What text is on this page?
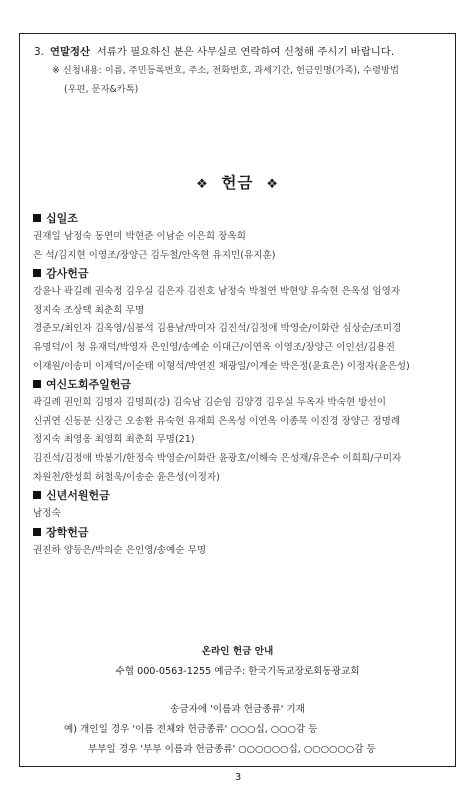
3. 연말정산 서류가 필요하신 분은 사무실로 연락하여 신청해 주시기 바랍니다.
※ 신청내용: 이름, 주민등록번호, 주소, 전화번호, 과세기간, 헌금인명(가족), 수령방법
(우편, 문자&카톡)
❖ 헌금 ❖
십일조
권재일 남정숙 동연미 박현준 이남순 이은희 장옥희
은 석/김지현 이영조/장양근 김두철/안옥현 유지민(유지훈)
감사헌금
강윤나 곽길례 권숙정 김우실 김은자 김진호 남정숙 박철연 박현양 유숙현 은옥성 임영자
정지숙 조상택 최춘희 무명
경준모/최인자 김옥영/심봉석 김용남/박미자 김진석/김정애 박영순/이화란 심상순/조미경
유명덕/이 청 유재덕/박영자 은인영/송예순 이대근/이연옥 이영조/장양근 이인선/김용진
이재원/이송미 이제덕/이순태 이형석/박연진 채광일/이계순 박은정(윤효은) 이정자(윤은성)
여신도회주일헌금
곽길례 권인희 김명자 김명희(강) 김숙남 김순임 김양경 김우실 두옥자 박숙현 방선이
신귀연 신동분 신장근 오송환 유숙현 유재희 은옥성 이연옥 이종묵 이진경 장양근 정명례
정지숙 최영옹 최영희 최춘희 무명(21)
김진석/김정애 박봉기/한정숙 박영순/이화란 윤광호/이해숙 은성재/유은수 이희희/구미자
차원천/한성희 허철욱/이송순 윤은성(이정자)
신년서원헌금
남정숙
장학헌금
권진하 양등은/박의순 은인영/송예순 무명
온라인 헌금 안내
수협 000-0563-1255 예금주: 한국기독교장로회동광교회
송금자에 '이름과 헌금종류' 기재
예) 개인일 경우 '이름 전체와 헌금종류' ○○○십, ○○○감 등
부부일 경우 '부부 이름과 헌금종류' ○○○○○○십, ○○○○○○감 등
3
